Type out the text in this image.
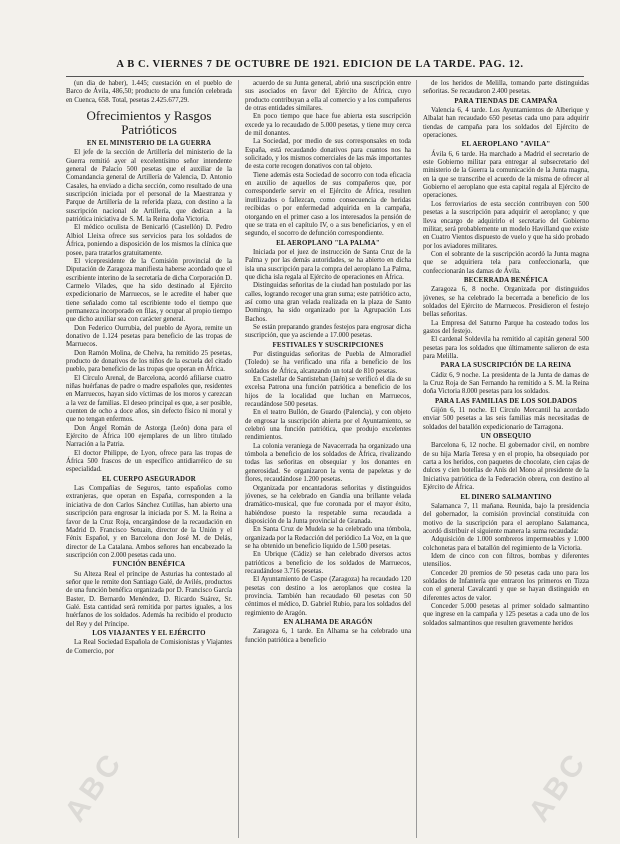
A B C. VIERNES 7 DE OCTUBRE DE 1921. EDICION DE LA TARDE. PAG. 12.
(un dia de haber), 1.445; cuestación en el pueblo de Barco de Ávila, 486,50; producto de una función celebrada en Cuenca, 658. Total, pesetas 2.425.677,29.
Ofrecimientos y Rasgos Patrióticos
EN EL MINISTERIO DE LA GUERRA
El jefe de la sección de Artillería del ministerio de la Guerra remitió ayer al excelentísimo señor intendente general de Palacio 500 pesetas que el auxiliar de la Comandancia general de Artillería de Valencia, D. Antonio Casales, ha enviado a dicha sección, como resultado de una suscripción iniciada por el personal de la Maestranza y Parque de Artillería de la referida plaza, con destino a la suscripción nacional de Artillería, que dedican a la patriótica iniciativa de S. M. la Reina doña Victoria.
El médico oculista de Benicarló (Castellón) D. Pedro Albiol Lleixa ofrece sus servicios para los soldados de África, poniendo a disposición de los mismos la clínica que posee, para tratarlos gratuitamente.
El vicepresidente de la Comisión provincial de la Diputación de Zaragoza manifiesta haberse acordado que el escribiente interino de la secretaría de dicha Corporación D. Carmelo Vilades, que ha sido destinado al Ejército expedicionario de Marruecos, se le acredite el haber que tiene señalado como tal escribiente todo el tiempo que permanezca incorporado en filas, y ocupar al propio tiempo que dicho auxiliar sea con carácter general.
Don Federico Ourrubia, del pueblo de Ayora, remite un donativo de 1.124 pesetas para beneficio de las tropas de Marruecos.
Don Ramón Molina, de Chelva, ha remitido 25 pesetas, producto de donativos de los niños de la escuela del citado pueblo, para beneficio de las tropas que operan en África.
El Círculo Arenal, de Barcelona, acordó afiliarse cuatro niñas huérfanas de padre o madre españoles que, residentes en Marruecos, hayan sido víctimas de los moros y carezcan a la vez de familias. El deseo principal es que, a ser posible, cuenten de ocho a doce años, sin defecto físico ni moral y que no tengan enfermos.
Don Ángel Román de Astorga (León) dona para el Ejército de África 100 ejemplares de un libro titulado Narración a la Patria.
El doctor Philippe, de Lyon, ofrece para las tropas de África 500 frascos de un específico antidiarréico de su especialidad.
EL CUERPO ASEGURADOR
Las Compañías de Seguros, tanto españolas como extranjeras, que operan en España, corresponden a la iniciativa de don Carlos Sánchez Cutillas, han abierto una suscripción para engrosar la iniciada por S. M. la Reina a favor de la Cruz Roja, encargándose de la recaudación en Madrid D. Francisco Setuain, director de la Unión y el Fénix Español, y en Barcelona don José M. de Delás, director de La Catalana. Ambos señores han encabezado la suscripción con 2.000 pesetas cada uno.
FUNCIÓN BENÉFICA
Su Alteza Real el príncipe de Asturias ha contestado al señor que le remite don Santiago Galé, de Avilés, productos de una función benéfica organizada por D. Francisco García Baster, D. Bernardo Menéndez, D. Ricardo Suárez, Sr. Galé. Esta cantidad será remitida por partes iguales, a los huérfanos de los soldados. Además ha recibido el producto del Rey y del Príncipe.
LOS VIAJANTES Y EL EJÉRCITO
La Real Sociedad Española de Comisionistas y Viajantes de Comercio, por
acuerdo de su Junta general, abrió una suscripción entre sus asociados en favor del Ejército de África, cuyo producto contribuyan a ella al comercio y a los compañeros de otras entidades similares.
En poco tiempo que hace fue abierta esta suscripción excede ya lo recaudado de 5.000 pesetas, y tiene muy cerca de mil donantes.
La Sociedad, por medio de sus corresponsales en toda España, está recaudando donativos para cuantos nos ha solicitado, y los mismos comerciales de las más importantes de esta corte recogen donativos con tal objeto.
Tiene además esta Sociedad de socorro con toda eficacia en auxilio de aquellos de sus compañeros que, por corresponderle servir en el Ejército de África, resulten inutilizados o fallezcan, como consecuencia de heridas recibidas o por enfermedad adquirida en la campaña, otorgando en el primer caso a los interesados la pensión de que se trata en el capítulo IV, o a sus beneficiarios, y en el segundo, el socorro de defunción correspondiente.
EL AEROPLANO "LA PALMA"
Iniciada por el juez de instrucción de Santa Cruz de la Palma y por las demás autoridades, se ha abierto en dicha isla una suscripción para la compra del aeroplano La Palma, que dicha isla regala al Ejército de operaciones en África.
Distinguidas señoritas de la ciudad han postulado por las calles, logrando recoger una gran suma; este patriótico acto, así como una gran velada realizada en la plaza de Santo Domingo, ha sido organizado por la Agrupación Los Bachos.
Se están preparando grandes festejos para engrosar dicha suscripción, que ya asciende a 17.000 pesetas.
FESTIVALES Y SUSCRIPCIONES
Por distinguidas señoritas de Puebla de Almoradiel (Toledo) se ha verificado una rifa a beneficio de los soldados de África, alcanzando un total de 810 pesetas.
En Castellar de Santisteban (Jaén) se verificó el día de su excelsa Patrona una función patriótica a beneficio de los hijos de la localidad que luchan en Marruecos, recaudándose 500 pesetas.
En el teatro Bullón, de Guardo (Palencia), y con objeto de engrosar la suscripción abierta por el Ayuntamiento, se celebró una función patriótica, que produjo excelentes rendimientos.
La colonia veraniega de Navacerrada ha organizado una tómbola a beneficio de los soldados de África, rivalizando todas las señoritas en obsequiar y los donantes en generosidad. Se organizaron la venta de papeletas y de flores, recaudándose 1.200 pesetas.
Organizada por encantadoras señoritas y distinguidos jóvenes, se ha celebrado en Gandía una brillante velada dramático-musical, que fue coronada por el mayor éxito, habiéndose puesto la respetable suma recaudada a disposición de la Junta provincial de Granada.
En Santa Cruz de Mudela se ha celebrado una tómbola, organizada por la Redacción del periódico La Voz, en la que se ha obtenido un beneficio líquido de 1.500 pesetas.
En Ubrique (Cádiz) se han celebrado diversos actos patrióticos a beneficio de los soldados de Marruecos, recaudándose 3.716 pesetas.
El Ayuntamiento de Caspe (Zaragoza) ha recaudado 120 pesetas con destino a los aeroplanos que costea la provincia. También han recaudado 60 pesetas con 50 céntimos el médico, D. Gabriel Rubio, para los soldados del regimiento de Aragón.
EN ALHAMA DE ARAGÓN
Zaragoza 6, 1 tarde. En Alhama se ha celebrado una función patriótica a beneficio
de los heridos de Melilla, tomando parte distinguidas señoritas. Se recaudaron 2.400 pesetas.
PARA TIENDAS DE CAMPAÑA
Valencia 6, 4 tarde. Los Ayuntamientos de Alberique y Albalat han recaudado 650 pesetas cada uno para adquirir tiendas de campaña para los soldados del Ejército de operaciones.
EL AEROPLANO "AVILA"
Ávila 6, 6 tarde. Ha marchado a Madrid el secretario de este Gobierno militar para entregar al subsecretario del ministerio de la Guerra la comunicación de la Junta magna, en la que se transcribe el acuerdo de la misma de ofrecer al Gobierno el aeroplano que esta capital regala al Ejército de operaciones.
Los ferroviarios de esta sección contribuyen con 500 pesetas a la suscripción para adquirir el aeroplano; y que lleva encargo de adquirirlo el secretario del Gobierno militar, será probablemente un modelo Havilland que existe en Cuatro Vientos dispuesto de vuelo y que ha sido probado por los aviadores militares.
Con el sobrante de la suscripción acordó la Junta magna que se adquiriera tela para confeccionarla, que confeccionarán las damas de Ávila.
BECERRADA BENÉFICA
Zaragoza 6, 8 noche. Organizada por distinguidos jóvenes, se ha celebrado la becerrada a beneficio de los soldados del Ejército de Marruecos. Presidieron el festejo bellas señoritas.
La Empresa del Saturno Parque ha costeado todos los gastos del festejo.
El cardenal Soldevila ha remitido al capitán general 500 pesetas para los soldados que últimamente salieron de esta para Melilla.
PARA LA SUSCRIPCIÓN DE LA REINA
Cádiz 6, 9 noche. La presidenta de la Junta de damas de la Cruz Roja de San Fernando ha remitido a S. M. la Reina doña Victoria 8.000 pesetas para los soldados.
PARA LAS FAMILIAS DE LOS SOLDADOS
Gijón 6, 11 noche. El Círculo Mercantil ha acordado enviar 500 pesetas a las seis familias más necesitadas de soldados del batallón expedicionario de Tarragona.
UN OBSEQUIO
Barcelona 6, 12 noche. El gobernador civil, en nombre de su hija María Teresa y en el propio, ha obsequiado por carta a los heridos, con paquetes de chocolate, cien cajas de dulces y cien botellas de Anís del Mono al presidente de la Iniciativa patriótica de la Federación obrera, con destino al Ejército de África.
EL DINERO SALMANTINO
Salamanca 7, 11 mañana. Reunida, bajo la presidencia del gobernador, la comisión provincial constituida con motivo de la suscripción para el aeroplano Salamanca, acordó distribuir el siguiente manera la suma recaudada:
Adquisición de 1.000 sombreros impermeables y 1.000 colchonetas para el batallón del regimiento de la Victoria.
Idem de cinco con con filtros, bombas y diferentes utensilios.
Conceder 20 premios de 50 pesetas cada uno para los soldados de Infantería que entraron los primeros en Tizza con el general Cavalcanti y que se hayan distinguido en diferentes actos de valor.
Conceder 5.000 pesetas al primer soldado salmantino que ingrese en la campaña y 125 pesetas a cada uno de los soldados salmantinos que resulten gravemente heridos
ABC	ABC
